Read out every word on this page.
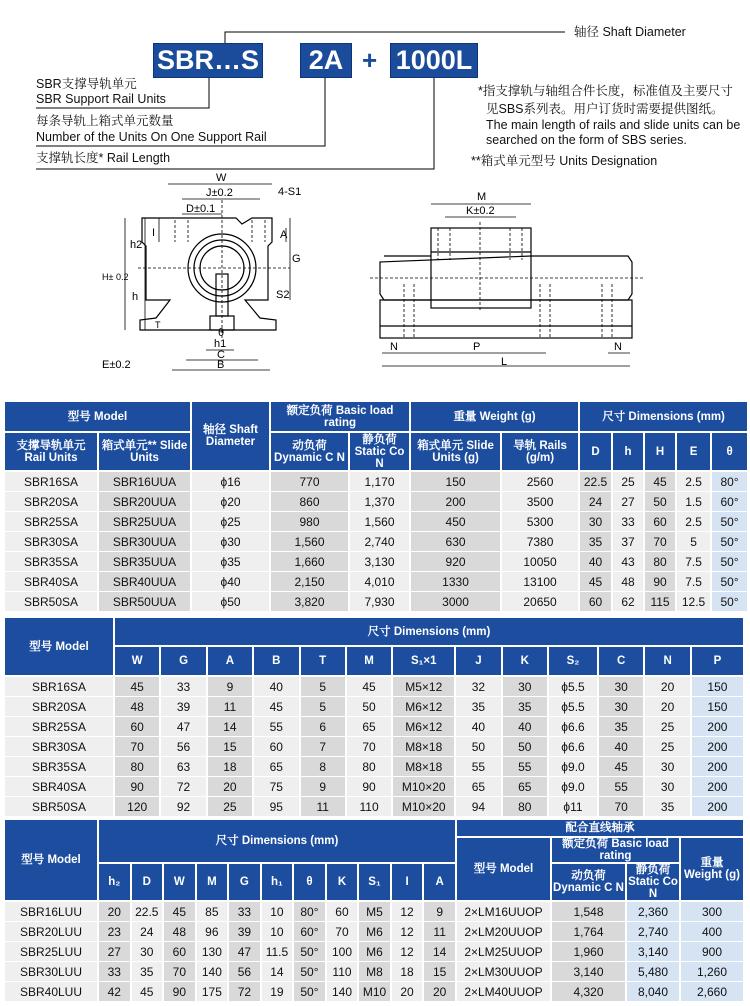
SBR…S	2A + 1000L
轴径 Shaft Diameter
SBR支撑导轨单元
SBR Support Rail Units
每条导轨上箱式单元数量
Number of the Units On One Support Rail
支撑轨长度* Rail Length
*指支撑轨与轴组合件长度，标准值及主要尺寸
见SBS系列表。用户订货时需要提供图纸。
The main length of rails and slide units can be
searched on the form of SBS series.
**箱式单元型号 Units Designation
W
J±0.2
D±0.1
4-S1
A
I
h2
G
H± 0.2
h	S2
T
θ
h1
C
E±0.2	B
M
K±0.2
N	P	N
L
型号 Model		轴径 Shaft Diameter	额定负荷 Basic load rating		重量 Weight (g)		尺寸 Dimensions (mm)				
支撑导轨单元 Rail Units	箱式单元** Slide Units		动负荷 Dynamic C N	静负荷 Static Co N	箱式单元 Slide Units (g)	导轨 Rails (g/m)	D	h	H	E	θ
SBR16SA	SBR16UUA	ϕ16	770	1,170	150	2560	22.5	25	45	2.5	80°
SBR20SA	SBR20UUA	ϕ20	860	1,370	200	3500	24	27	50	1.5	60°
SBR25SA	SBR25UUA	ϕ25	980	1,560	450	5300	30	33	60	2.5	50°
SBR30SA	SBR30UUA	ϕ30	1,560	2,740	630	7380	35	37	70	5	50°
SBR35SA	SBR35UUA	ϕ35	1,660	3,130	920	10050	40	43	80	7.5	50°
SBR40SA	SBR40UUA	ϕ40	2,150	4,010	1330	13100	45	48	90	7.5	50°
SBR50SA	SBR50UUA	ϕ50	3,820	7,930	3000	20650	60	62	115	12.5	50°
型号 Model	尺寸 Dimensions (mm)												
	W	G	A	B	T	M	S₁×1	J	K	S₂	C	N	P
SBR16SA	45	33	9	40	5	45	M5×12	32	30	ϕ5.5	30	20	150
SBR20SA	48	39	11	45	5	50	M6×12	35	35	ϕ5.5	30	20	150
SBR25SA	60	47	14	55	6	65	M6×12	40	40	ϕ6.6	35	25	200
SBR30SA	70	56	15	60	7	70	M8×18	50	50	ϕ6.6	40	25	200
SBR35SA	80	63	18	65	8	80	M8×18	55	55	ϕ9.0	45	30	200
SBR40SA	90	72	20	75	9	90	M10×20	65	65	ϕ9.0	55	30	200
SBR50SA	120	92	25	95	11	110	M10×20	94	80	ϕ11	70	35	200
型号 Model	尺寸 Dimensions (mm)											配合直线轴承			
												型号 Model	额定负荷 Basic load rating		重量 Weight (g)
	h₂	D	W	M	G	h₁	θ	K	S₁	I	A		动负荷 Dynamic C N	静负荷 Static Co N	
SBR16LUU	20	22.5	45	85	33	10	80°	60	M5	12	9	2×LM16UUOP	1,548	2,360	300
SBR20LUU	23	24	48	96	39	10	60°	70	M6	12	11	2×LM20UUOP	1,764	2,740	400
SBR25LUU	27	30	60	130	47	11.5	50°	100	M6	12	14	2×LM25UUOP	1,960	3,140	900
SBR30LUU	33	35	70	140	56	14	50°	110	M8	18	15	2×LM30UUOP	3,140	5,480	1,260
SBR40LUU	42	45	90	175	72	19	50°	140	M10	20	20	2×LM40UUOP	4,320	8,040	2,660
